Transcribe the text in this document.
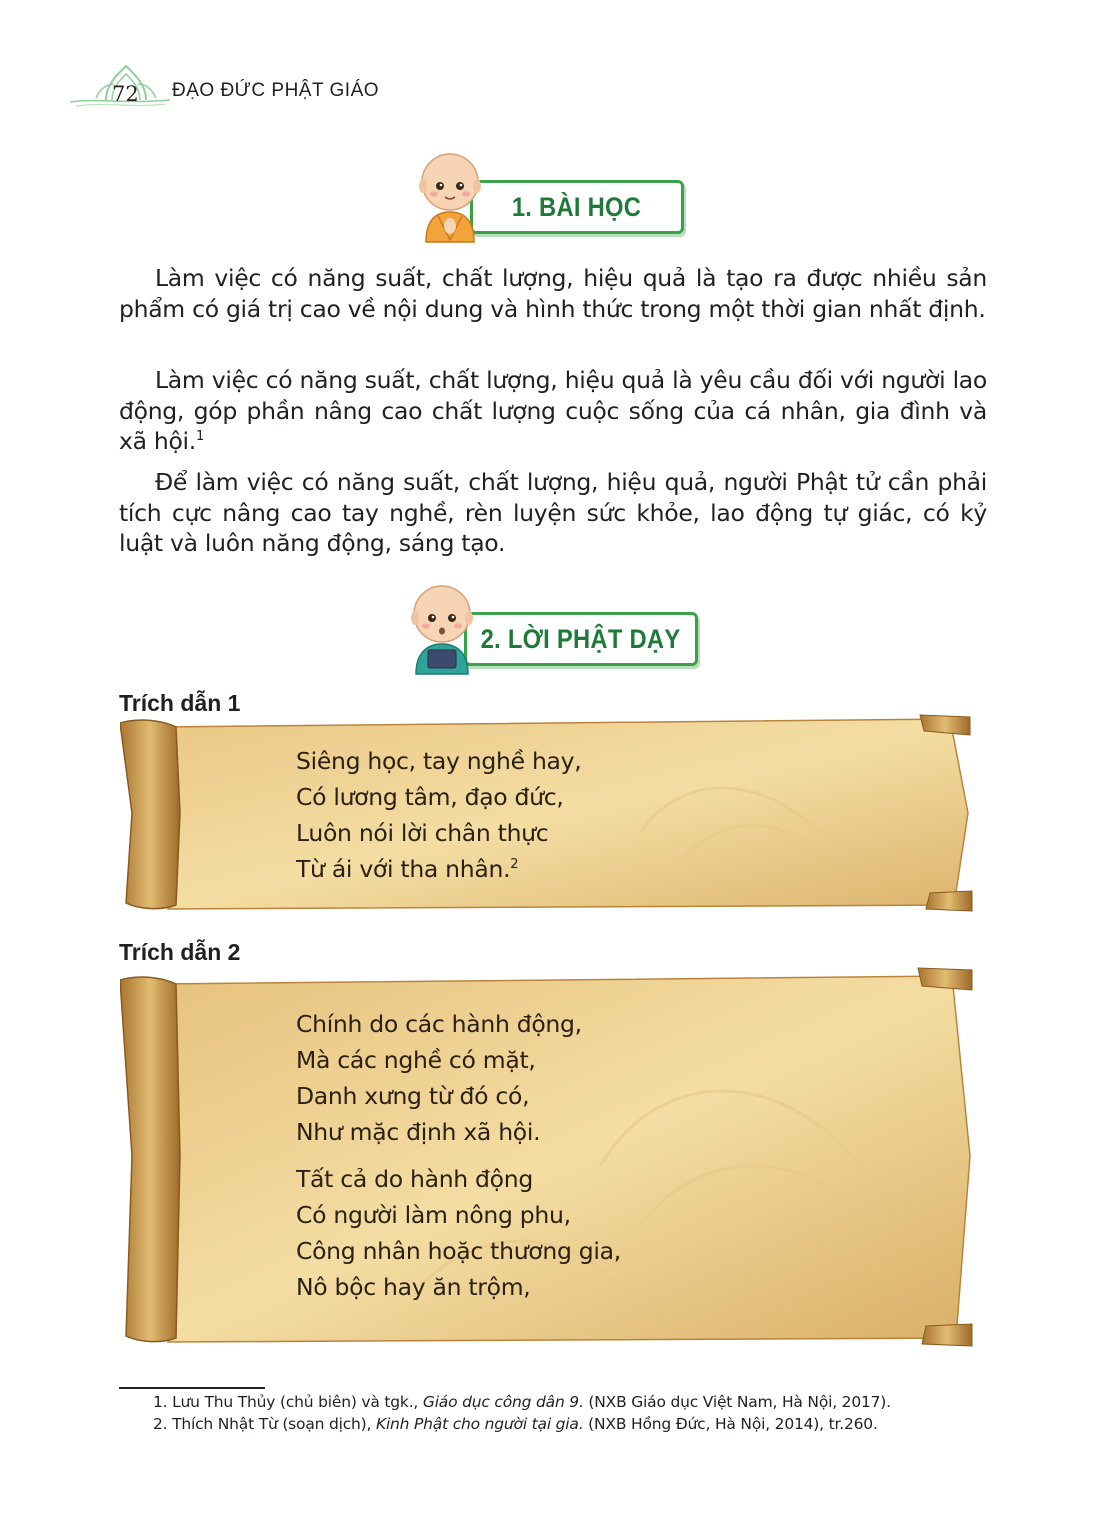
72 ĐẠO ĐỨC PHẬT GIÁO
1. BÀI HỌC

Làm việc có năng suất, chất lượng, hiệu quả là tạo ra được nhiều sản phẩm có giá trị cao về nội dung và hình thức trong một thời gian nhất định.

Làm việc có năng suất, chất lượng, hiệu quả là yêu cầu đối với người lao động, góp phần nâng cao chất lượng cuộc sống của cá nhân, gia đình và xã hội.$^1$

Để làm việc có năng suất, chất lượng, hiệu quả, người Phật tử cần phải tích cực nâng cao tay nghề, rèn luyện sức khỏe, lao động tự giác, có kỷ luật và luôn năng động, sáng tạo.

2. LỜI PHẬT DẠY
Trích dẫn 1
Siêng học, tay nghề hay,
Có lương tâm, đạo đức,
Luôn nói lời chân thực
Từ ái với tha nhân.$^2$
Trích dẫn 2
Chính do các hành động,
Mà các nghề có mặt,
Danh xưng từ đó có,
Như mặc định xã hội.
Tất cả do hành động
Có người làm nông phu,
Công nhân hoặc thương gia,
Nô bộc hay ăn trộm,
1. Lưu Thu Thủy (chủ biên) và tgk., Giáo dục công dân 9. (NXB Giáo dục Việt Nam, Hà Nội, 2017).
2. Thích Nhật Từ (soạn dịch), Kinh Phật cho người tại gia. (NXB Hồng Đức, Hà Nội, 2014), tr.260.
